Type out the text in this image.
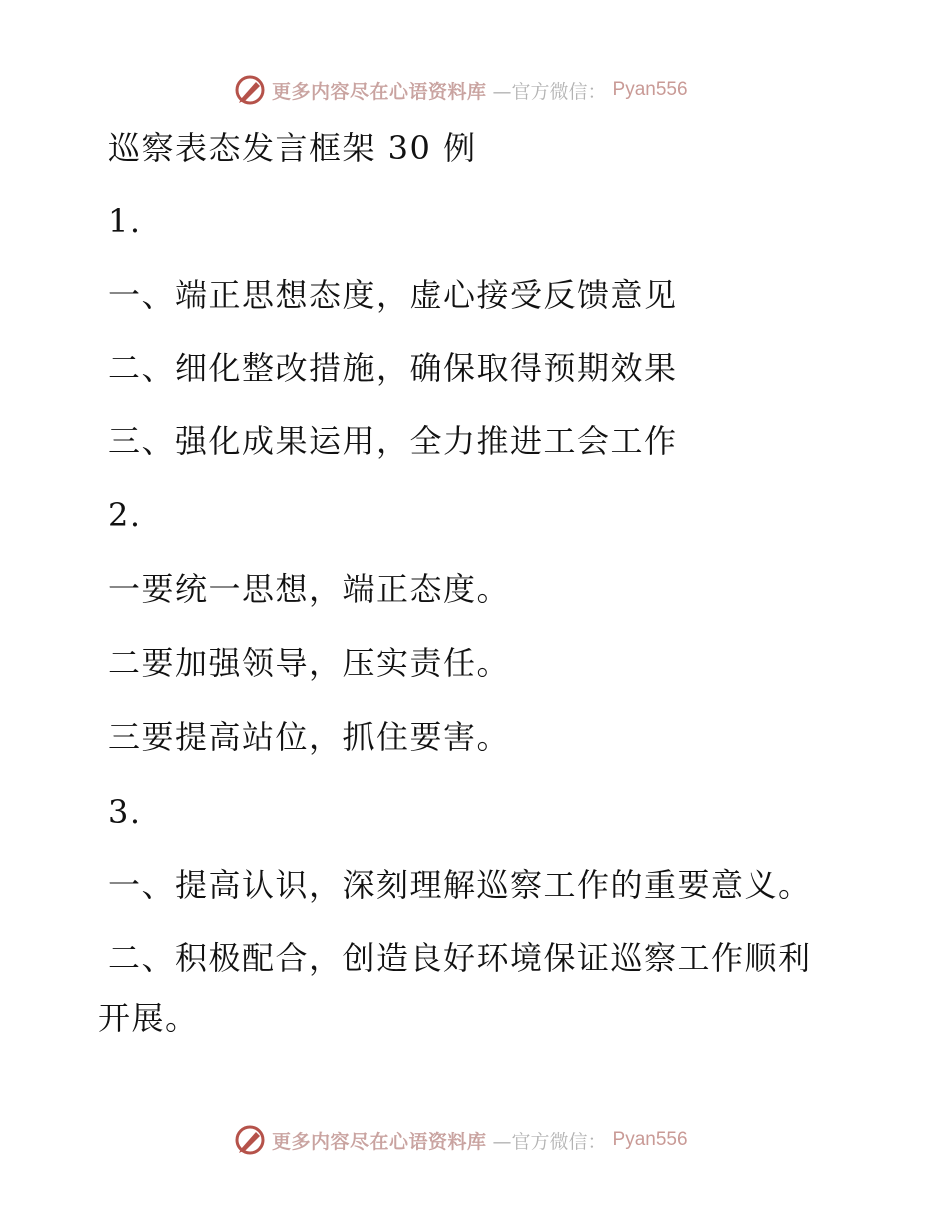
更多内容尽在心语资料库 —官方微信： Pyan556
巡察表态发言框架 30 例
1.
一、端正思想态度，虚心接受反馈意见
二、细化整改措施，确保取得预期效果
三、强化成果运用，全力推进工会工作
2.
一要统一思想，端正态度。
二要加强领导，压实责任。
三要提高站位，抓住要害。
3.
一、提高认识，深刻理解巡察工作的重要意义。
二、积极配合，创造良好环境保证巡察工作顺利
开展。
更多内容尽在心语资料库 —官方微信： Pyan556
